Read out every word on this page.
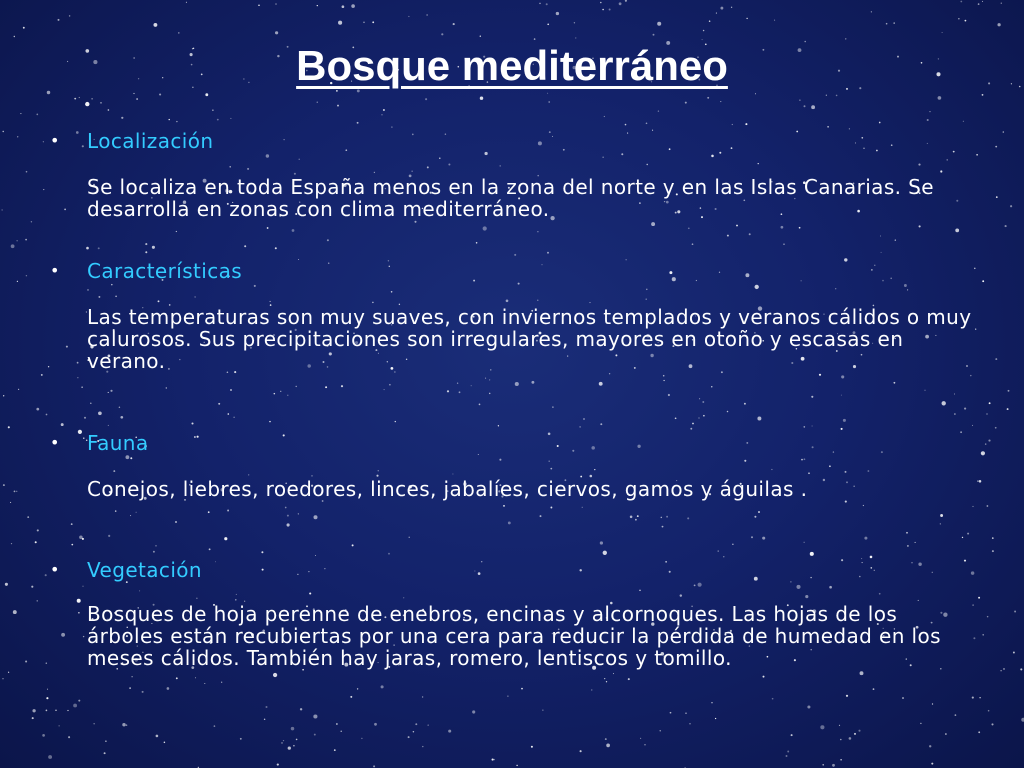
Bosque mediterráneo
• Localización
Se localiza en toda España menos en la zona del norte y en las Islas Canarias. Se desarrolla en zonas con clima mediterráneo.
• Características
Las temperaturas son muy suaves, con inviernos templados y veranos cálidos o muy calurosos. Sus precipitaciones son irregulares, mayores en otoño y escasas en verano.
• Fauna
Conejos, liebres, roedores, linces, jabalíes, ciervos, gamos y águilas .
• Vegetación
Bosques de hoja perenne de enebros, encinas y alcornoques. Las hojas de los árboles están recubiertas por una cera para reducir la pérdida de humedad en los meses cálidos. También hay jaras, romero, lentiscos y tomillo.
